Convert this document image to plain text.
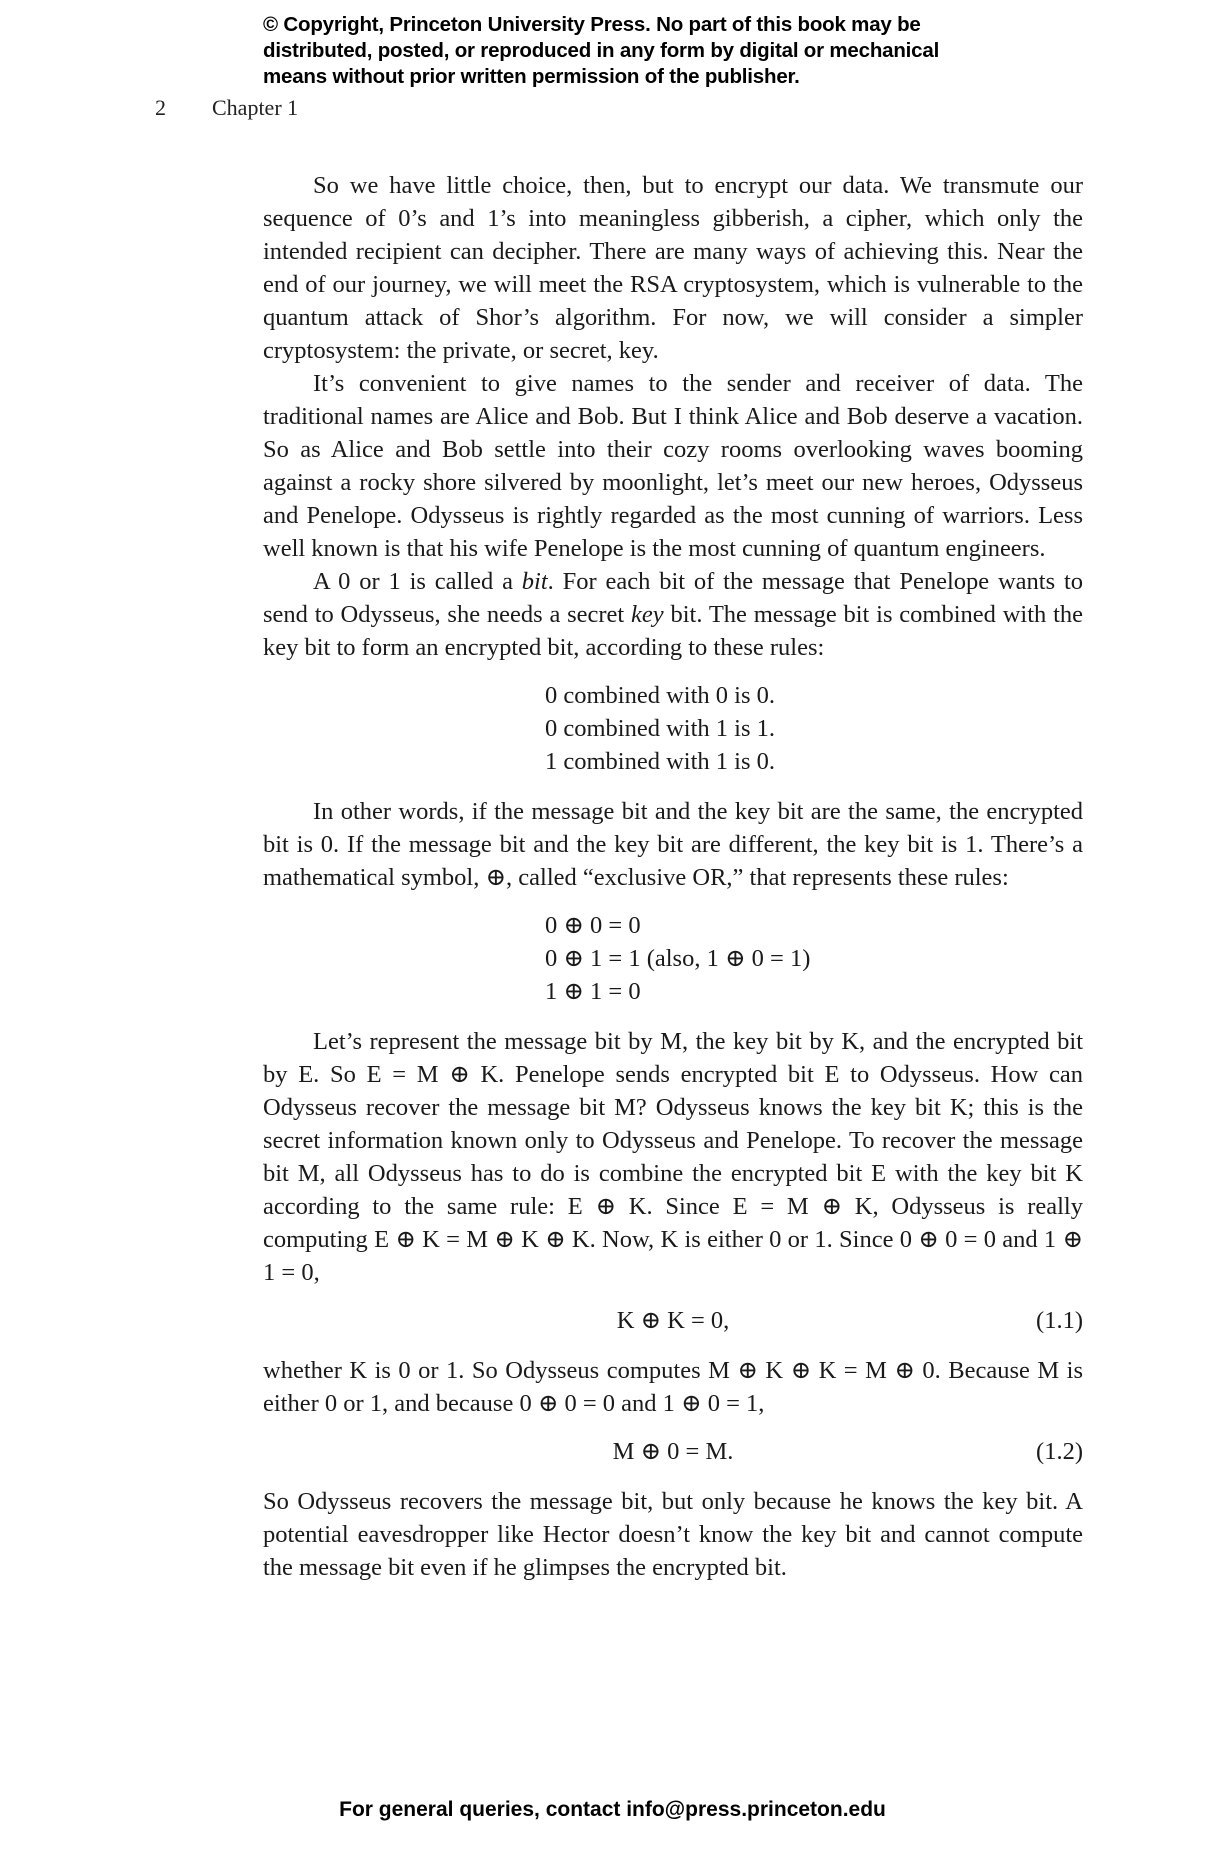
© Copyright, Princeton University Press. No part of this book may be
distributed, posted, or reproduced in any form by digital or mechanical
means without prior written permission of the publisher.
2 Chapter 1

So we have little choice, then, but to encrypt our data. We transmute our sequence of 0’s and 1’s into meaningless gibberish, a cipher, which only the intended recipient can decipher. There are many ways of achieving this. Near the end of our journey, we will meet the RSA cryptosystem, which is vulnerable to the quantum attack of Shor’s algorithm. For now, we will consider a simpler cryptosystem: the private, or secret, key.

It’s convenient to give names to the sender and receiver of data. The traditional names are Alice and Bob. But I think Alice and Bob deserve a vacation. So as Alice and Bob settle into their cozy rooms overlooking waves booming against a rocky shore silvered by moonlight, let’s meet our new heroes, Odysseus and Penelope. Odysseus is rightly regarded as the most cunning of warriors. Less well known is that his wife Penelope is the most cunning of quantum engineers.

A 0 or 1 is called a bit. For each bit of the message that Penelope wants to send to Odysseus, she needs a secret key bit. The message bit is combined with the key bit to form an encrypted bit, according to these rules:

0 combined with 0 is 0.
0 combined with 1 is 1.
1 combined with 1 is 0.

In other words, if the message bit and the key bit are the same, the encrypted bit is 0. If the message bit and the key bit are different, the key bit is 1. There’s a mathematical symbol, ⊕, called “exclusive OR,” that represents these rules:

0 ⊕ 0 = 0
0 ⊕ 1 = 1 (also, 1 ⊕ 0 = 1)
1 ⊕ 1 = 0

Let’s represent the message bit by M, the key bit by K, and the encrypted bit by E. So E = M ⊕ K. Penelope sends encrypted bit E to Odysseus. How can Odysseus recover the message bit M? Odysseus knows the key bit K; this is the secret information known only to Odysseus and Penelope. To recover the message bit M, all Odysseus has to do is combine the encrypted bit E with the key bit K according to the same rule: E ⊕ K. Since E = M ⊕ K, Odysseus is really computing E ⊕ K = M ⊕ K ⊕ K. Now, K is either 0 or 1. Since 0 ⊕ 0 = 0 and 1 ⊕ 1 = 0,

K ⊕ K = 0,	(1.1)

whether K is 0 or 1. So Odysseus computes M ⊕ K ⊕ K = M ⊕ 0. Because M is either 0 or 1, and because 0 ⊕ 0 = 0 and 1 ⊕ 0 = 1,

M ⊕ 0 = M.	(1.2)

So Odysseus recovers the message bit, but only because he knows the key bit. A potential eavesdropper like Hector doesn’t know the key bit and cannot compute the message bit even if he glimpses the encrypted bit.

For general queries, contact info@press.princeton.edu
